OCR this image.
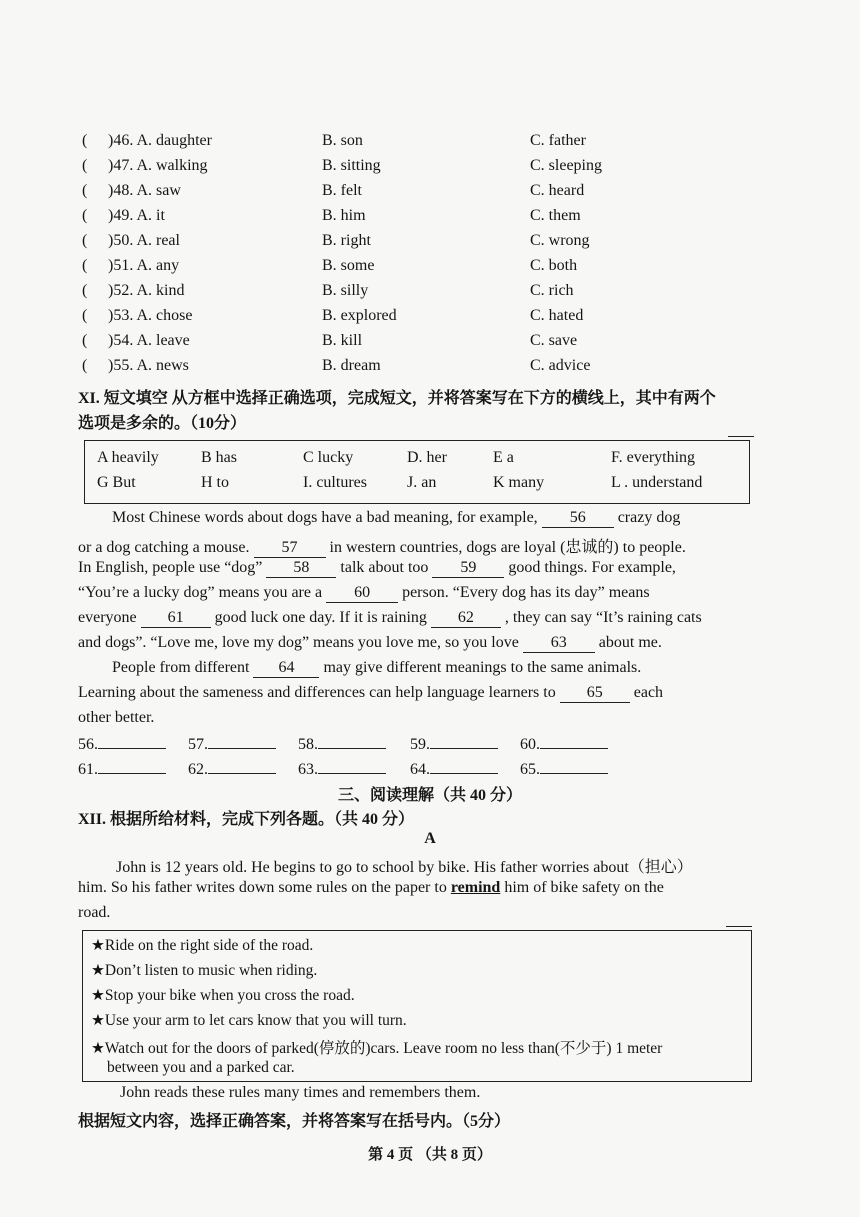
( )46. A. daughter	B. son	C. father
( )47. A. walking	B. sitting	C. sleeping
( )48. A. saw	B. felt	C. heard
( )49. A. it	B. him	C. them
( )50. A. real	B. right	C. wrong
( )51. A. any	B. some	C. both
( )52. A. kind	B. silly	C. rich
( )53. A. chose	B. explored	C. hated
( )54. A. leave	B. kill	C. save
( )55. A. news	B. dream	C. advice
XI. 短文填空 从方框中选择正确选项，完成短文，并将答案写在下方的横线上，其中有两个
选项是多余的。（10分）
A heavily	B has	C lucky	D. her	E a	F. everything
G But	H to	I. cultures	J. an	K many	L . understand
Most Chinese words about dogs have a bad meaning, for example, 56 crazy dog
or a dog catching a mouse. 57 in western countries, dogs are loyal (忠诚的) to people.
In English, people use “dog” 58 talk about too 59 good things. For example,
“You’re a lucky dog” means you are a 60 person. “Every dog has its day” means
everyone 61 good luck one day. If it is raining 62 , they can say “It’s raining cats
and dogs”. “Love me, love my dog” means you love me, so you love 63 about me.
People from different 64 may give different meanings to the same animals.
Learning about the sameness and differences can help language learners to 65 each
other better.
56.	57.	58.	59.	60.
61.	62.	63.	64.	65.
三、阅读理解（共 40 分）
XII. 根据所给材料，完成下列各题。（共 40 分）
A
John is 12 years old. He begins to go to school by bike. His father worries about（担心）
him. So his father writes down some rules on the paper to remind him of bike safety on the
road.
★Ride on the right side of the road.
★Don’t listen to music when riding.
★Stop your bike when you cross the road.
★Use your arm to let cars know that you will turn.
★Watch out for the doors of parked(停放的)cars. Leave room no less than(不少于) 1 meter
between you and a parked car.
John reads these rules many times and remembers them.
根据短文内容，选择正确答案，并将答案写在括号内。（5分）
第 4 页 （共 8 页）
